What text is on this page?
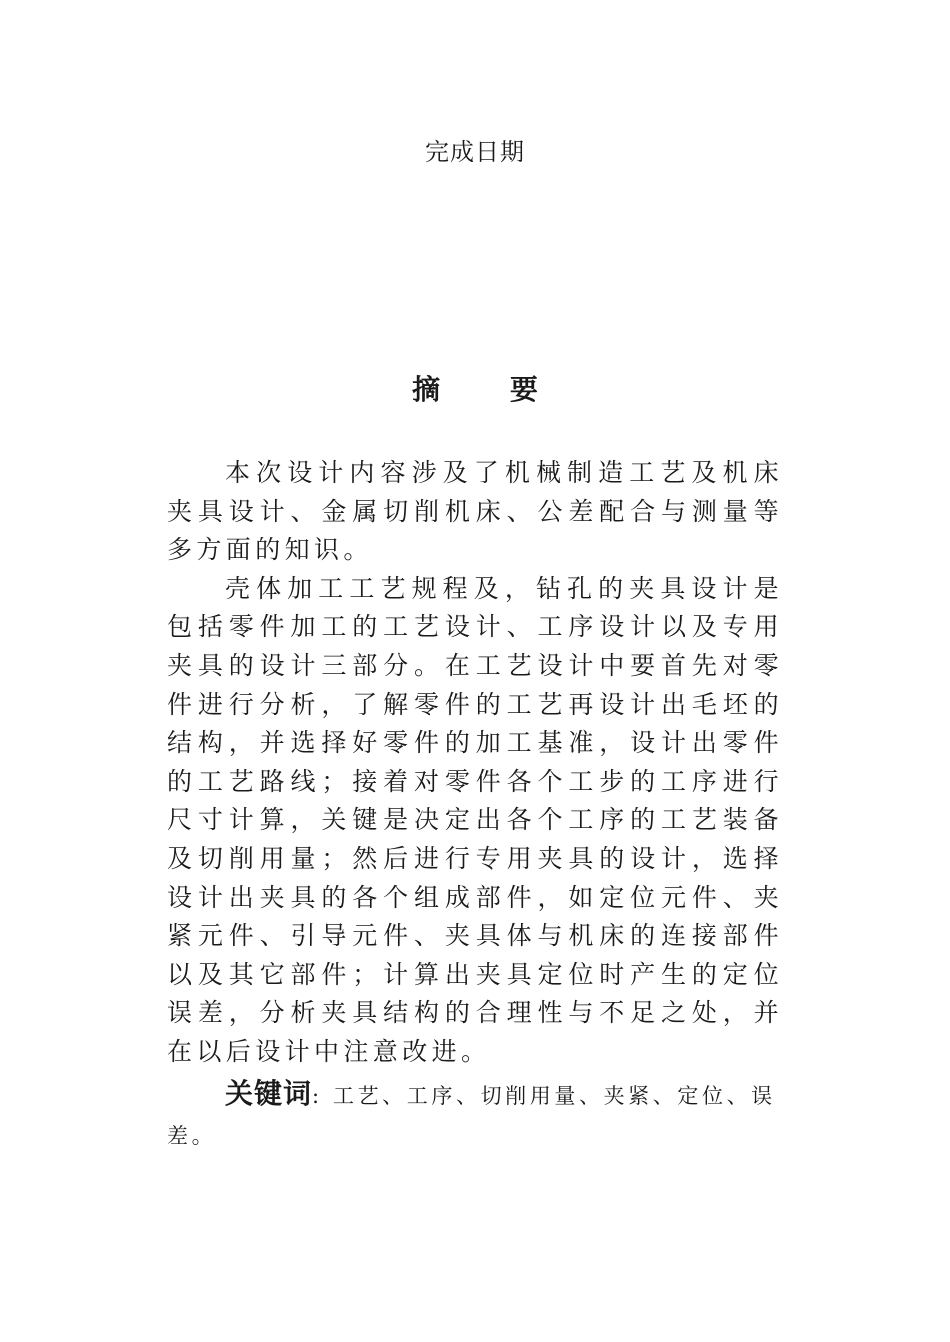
完成日期
摘 要

本次设计内容涉及了机械制造工艺及机床夹具设计、金属切削机床、公差配合与测量等多方面的知识。

壳体加工工艺规程及，钻孔的夹具设计是包括零件加工的工艺设计、工序设计以及专用夹具的设计三部分。在工艺设计中要首先对零件进行分析，了解零件的工艺再设计出毛坯的结构，并选择好零件的加工基准，设计出零件的工艺路线；接着对零件各个工步的工序进行尺寸计算，关键是决定出各个工序的工艺装备及切削用量；然后进行专用夹具的设计，选择设计出夹具的各个组成部件，如定位元件、夹紧元件、引导元件、夹具体与机床的连接部件以及其它部件；计算出夹具定位时产生的定位误差，分析夹具结构的合理性与不足之处，并在以后设计中注意改进。

关键词: 工艺、工序、切削用量、夹紧、定位、误差。
